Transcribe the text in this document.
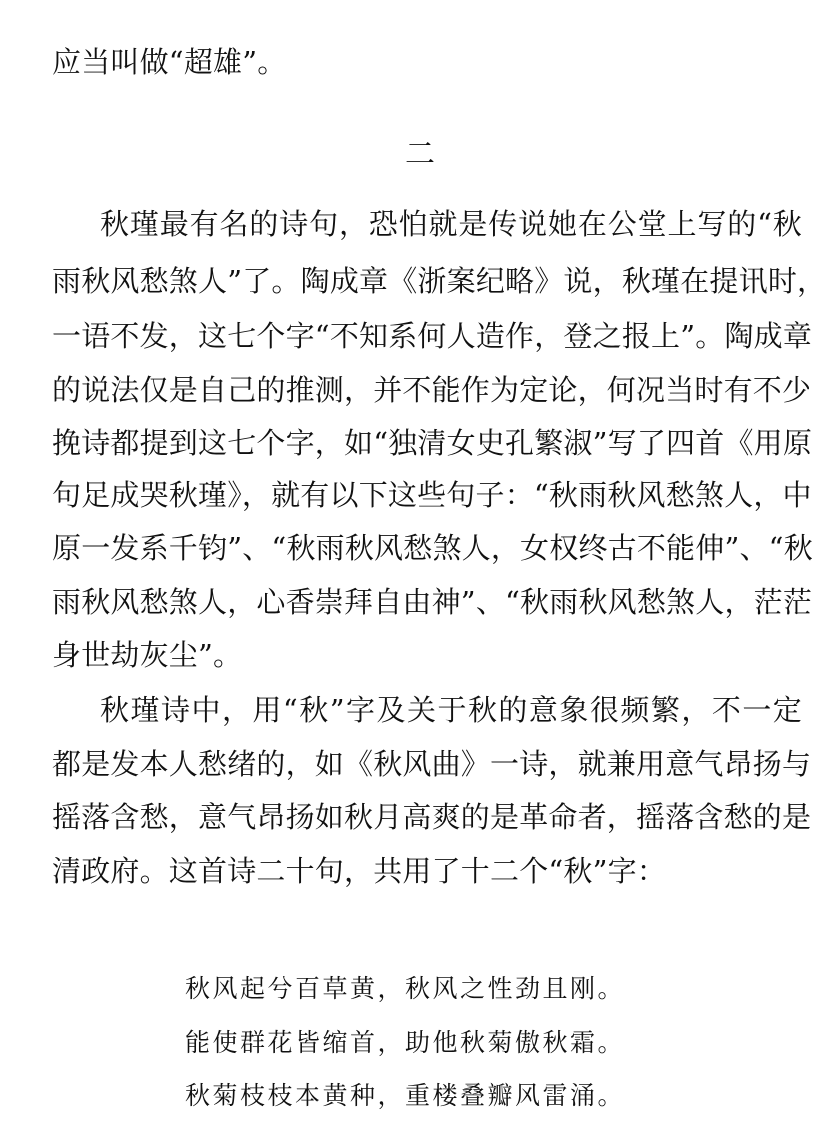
应当叫做“超雄”。
二
秋瑾最有名的诗句，恐怕就是传说她在公堂上写的“秋
雨秋风愁煞人”了。陶成章《浙案纪略》说，秋瑾在提讯时，
一语不发，这七个字“不知系何人造作，登之报上”。陶成章
的说法仅是自己的推测，并不能作为定论，何况当时有不少
挽诗都提到这七个字，如“独清女史孔繁淑”写了四首《用原
句足成哭秋瑾》，就有以下这些句子：“秋雨秋风愁煞人，中
原一发系千钧”、“秋雨秋风愁煞人，女权终古不能伸”、“秋
雨秋风愁煞人，心香崇拜自由神”、“秋雨秋风愁煞人，茫茫
身世劫灰尘”。
秋瑾诗中，用“秋”字及关于秋的意象很频繁，不一定
都是发本人愁绪的，如《秋风曲》一诗，就兼用意气昂扬与
摇落含愁，意气昂扬如秋月高爽的是革命者，摇落含愁的是
清政府。这首诗二十句，共用了十二个“秋”字：
秋风起兮百草黄，秋风之性劲且刚。
能使群花皆缩首，助他秋菊傲秋霜。
秋菊枝枝本黄种，重楼叠瓣风雷涌。
